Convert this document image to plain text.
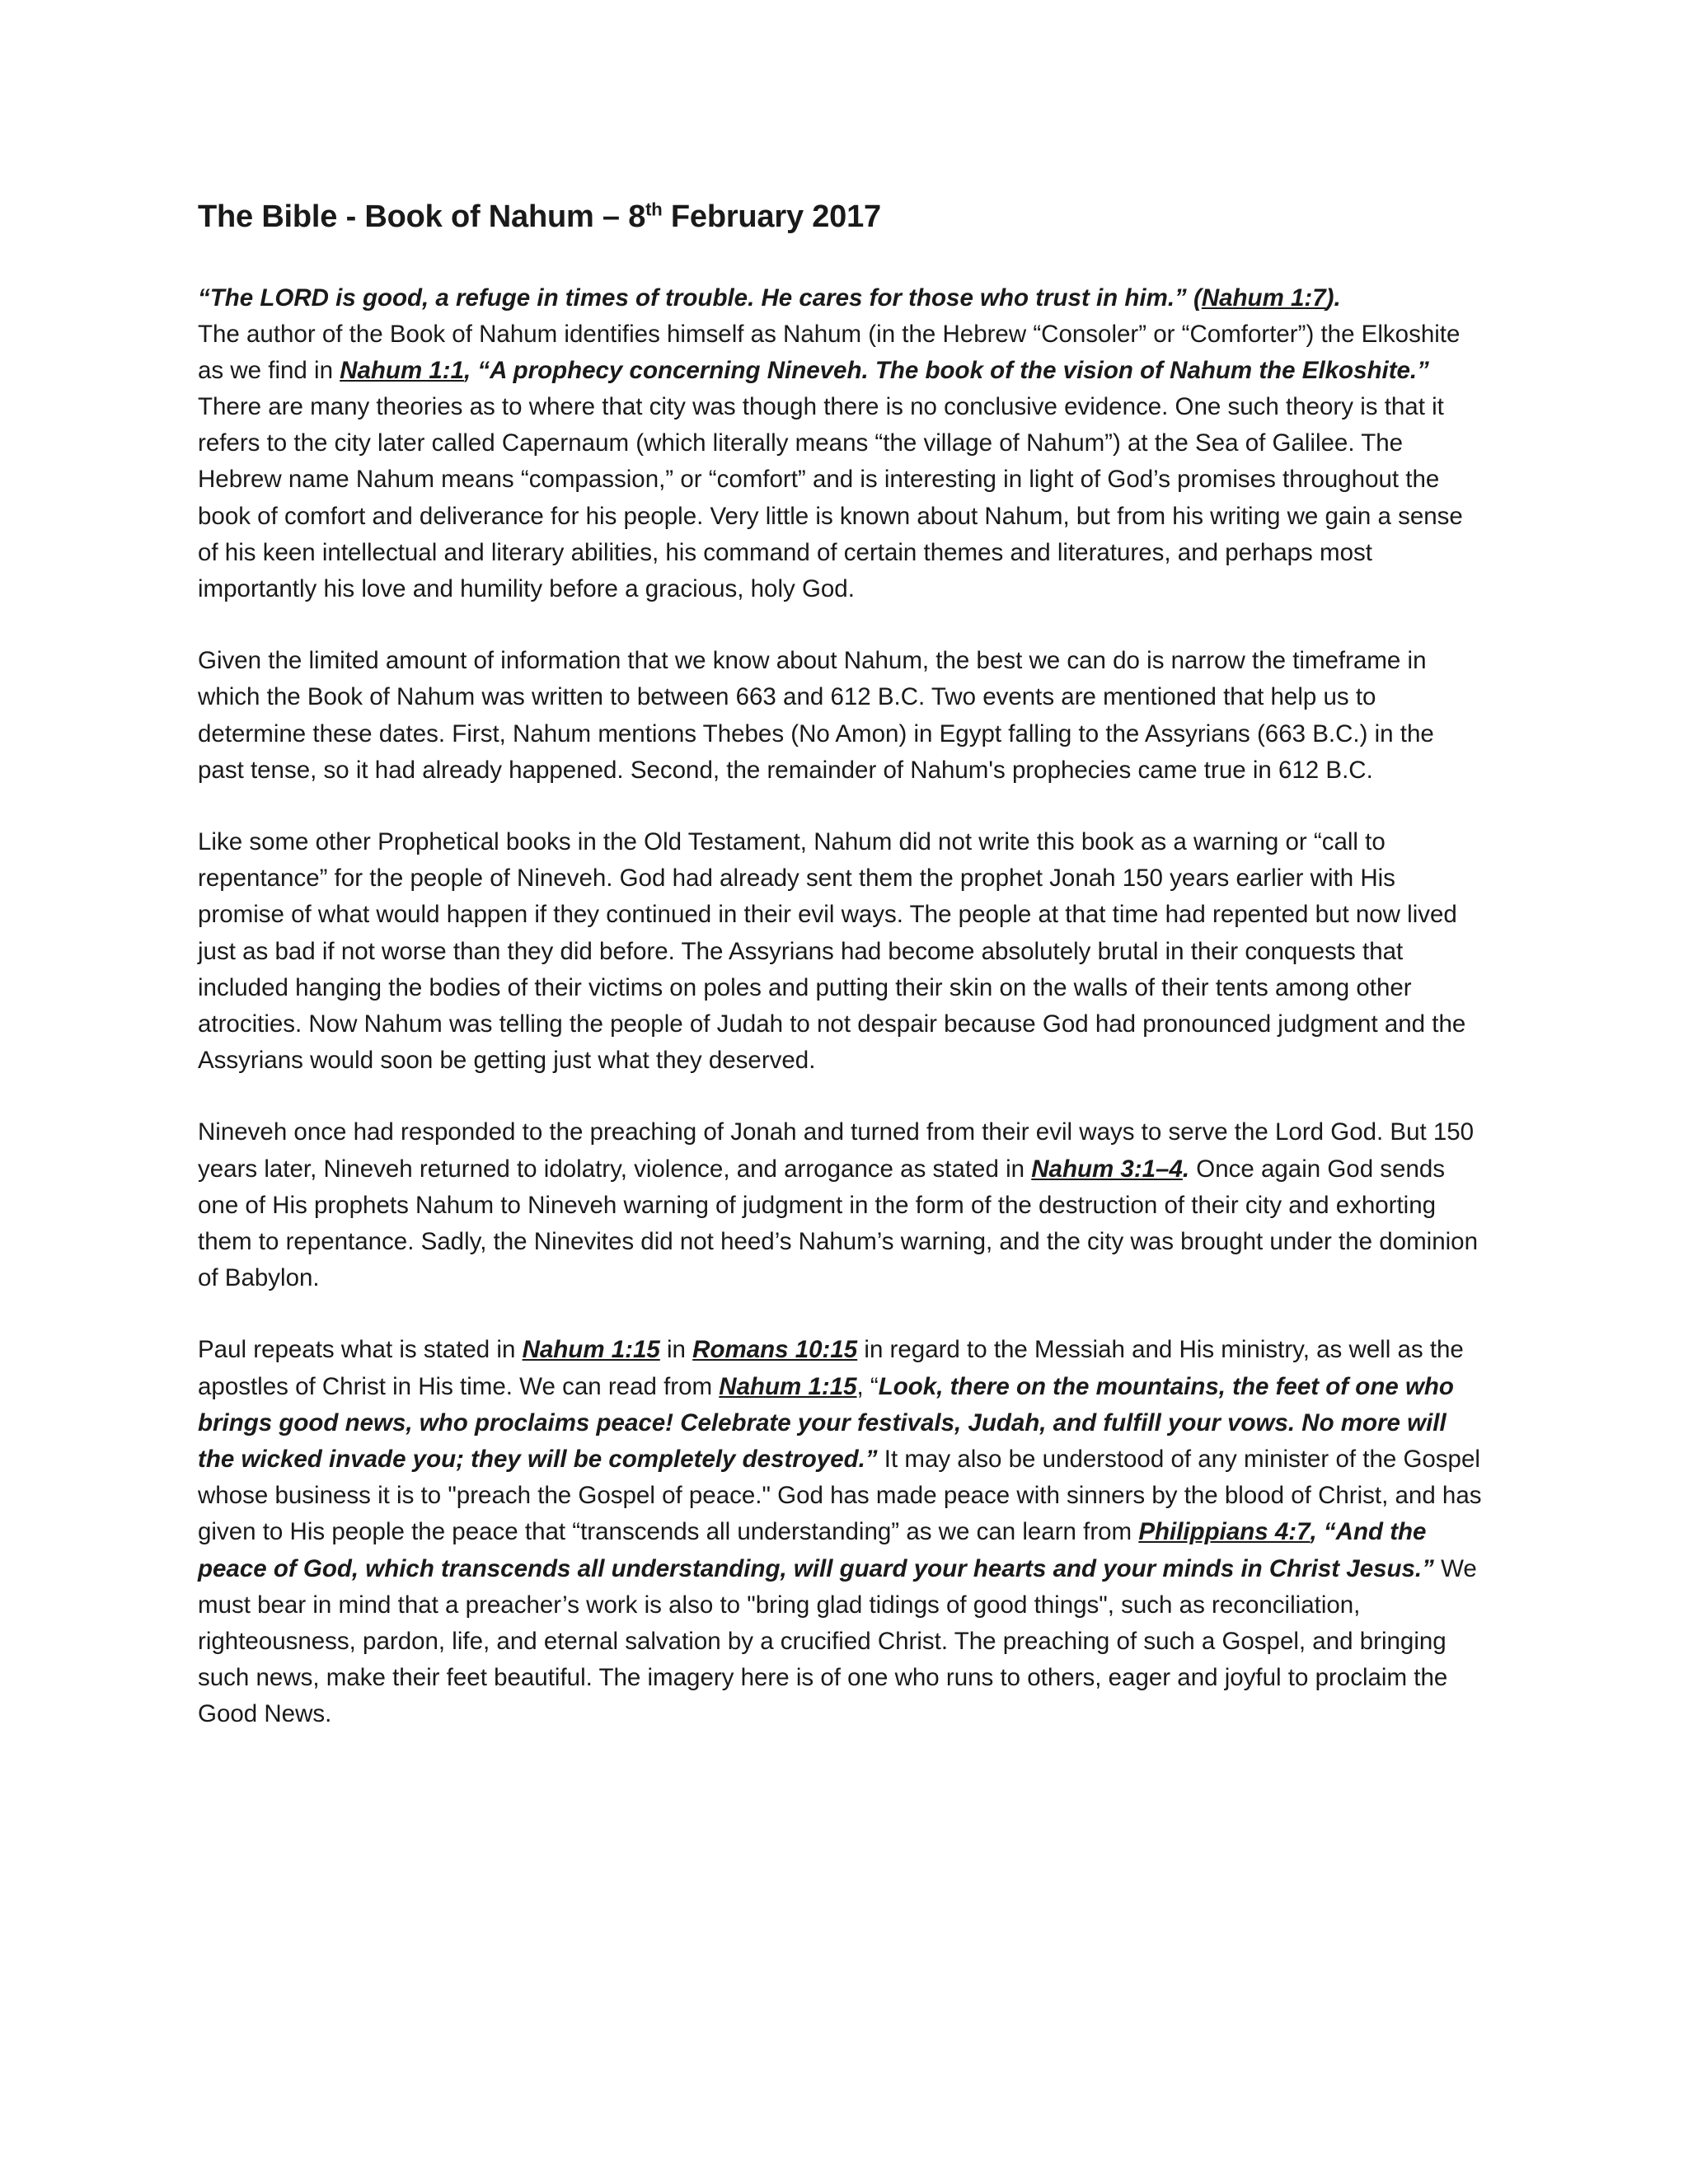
The Bible - Book of Nahum – 8th February 2017
“The LORD is good, a refuge in times of trouble. He cares for those who trust in him.” (Nahum 1:7).

The author of the Book of Nahum identifies himself as Nahum (in the Hebrew “Consoler” or “Comforter”) the Elkoshite as we find in Nahum 1:1, “A prophecy concerning Nineveh. The book of the vision of Nahum the Elkoshite.” There are many theories as to where that city was though there is no conclusive evidence. One such theory is that it refers to the city later called Capernaum (which literally means “the village of Nahum”) at the Sea of Galilee. The Hebrew name Nahum means “compassion,” or “comfort” and is interesting in light of God’s promises throughout the book of comfort and deliverance for his people. Very little is known about Nahum, but from his writing we gain a sense of his keen intellectual and literary abilities, his command of certain themes and literatures, and perhaps most importantly his love and humility before a gracious, holy God.

Given the limited amount of information that we know about Nahum, the best we can do is narrow the timeframe in which the Book of Nahum was written to between 663 and 612 B.C. Two events are mentioned that help us to determine these dates. First, Nahum mentions Thebes (No Amon) in Egypt falling to the Assyrians (663 B.C.) in the past tense, so it had already happened. Second, the remainder of Nahum's prophecies came true in 612 B.C.

Like some other Prophetical books in the Old Testament, Nahum did not write this book as a warning or “call to repentance” for the people of Nineveh. God had already sent them the prophet Jonah 150 years earlier with His promise of what would happen if they continued in their evil ways. The people at that time had repented but now lived just as bad if not worse than they did before. The Assyrians had become absolutely brutal in their conquests that included hanging the bodies of their victims on poles and putting their skin on the walls of their tents among other atrocities. Now Nahum was telling the people of Judah to not despair because God had pronounced judgment and the Assyrians would soon be getting just what they deserved.

Nineveh once had responded to the preaching of Jonah and turned from their evil ways to serve the Lord God. But 150 years later, Nineveh returned to idolatry, violence, and arrogance as stated in Nahum 3:1–4. Once again God sends one of His prophets Nahum to Nineveh warning of judgment in the form of the destruction of their city and exhorting them to repentance. Sadly, the Ninevites did not heed’s Nahum’s warning, and the city was brought under the dominion of Babylon.

Paul repeats what is stated in Nahum 1:15 in Romans 10:15 in regard to the Messiah and His ministry, as well as the apostles of Christ in His time. We can read from Nahum 1:15, “Look, there on the mountains, the feet of one who brings good news, who proclaims peace! Celebrate your festivals, Judah, and fulfill your vows. No more will the wicked invade you; they will be completely destroyed.” It may also be understood of any minister of the Gospel whose business it is to "preach the Gospel of peace." God has made peace with sinners by the blood of Christ, and has given to His people the peace that “transcends all understanding” as we can learn from Philippians 4:7, “And the peace of God, which transcends all understanding, will guard your hearts and your minds in Christ Jesus.” We must bear in mind that a preacher’s work is also to "bring glad tidings of good things", such as reconciliation, righteousness, pardon, life, and eternal salvation by a crucified Christ. The preaching of such a Gospel, and bringing such news, make their feet beautiful. The imagery here is of one who runs to others, eager and joyful to proclaim the Good News.
